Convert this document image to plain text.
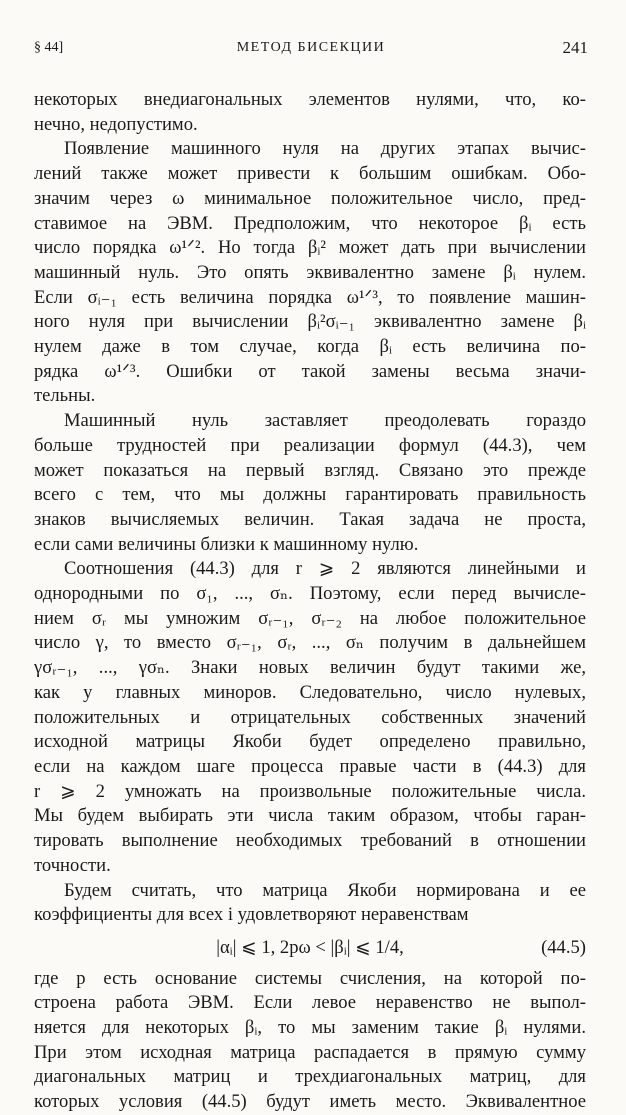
§ 44]	МЕТОД БИСЕКЦИИ	241

некоторых внедиагональных элементов нулями, что, ко-

нечно, недопустимо.

Появление машинного нуля на других этапах вычис-

лений также может привести к большим ошибкам. Обо-

значим через ω минимальное положительное число, пред-

ставимое на ЭВМ. Предположим, что некоторое βᵢ есть

число порядка ω¹ᐟ². Но тогда βᵢ² может дать при вычислении

машинный нуль. Это опять эквивалентно замене βᵢ нулем.

Если σᵢ₋₁ есть величина порядка ω¹ᐟ³, то появление машин-

ного нуля при вычислении βᵢ²σᵢ₋₁ эквивалентно замене βᵢ

нулем даже в том случае, когда βᵢ есть величина по-

рядка ω¹ᐟ³. Ошибки от такой замены весьма значи-

тельны.

Машинный нуль заставляет преодолевать гораздо

больше трудностей при реализации формул (44.3), чем

может показаться на первый взгляд. Связано это прежде

всего с тем, что мы должны гарантировать правильность

знаков вычисляемых величин. Такая задача не проста,

если сами величины близки к машинному нулю.

Соотношения (44.3) для r ⩾ 2 являются линейными и

однородными по σ₁, ..., σₙ. Поэтому, если перед вычисле-

нием σᵣ мы умножим σᵣ₋₁, σᵣ₋₂ на любое положительное

число γ, то вместо σᵣ₋₁, σᵣ, ..., σₙ получим в дальнейшем

γσᵣ₋₁, ..., γσₙ. Знаки новых величин будут такими же,

как у главных миноров. Следовательно, число нулевых,

положительных и отрицательных собственных значений

исходной матрицы Якоби будет определено правильно,

если на каждом шаге процесса правые части в (44.3) для

r ⩾ 2 умножать на произвольные положительные числа.

Мы будем выбирать эти числа таким образом, чтобы гаран-

тировать выполнение необходимых требований в отношении

точности.

Будем считать, что матрица Якоби нормирована и ее

коэффициенты для всех i удовлетворяют неравенствам

|αᵢ| ⩽ 1, 2pω < |βᵢ| ⩽ 1/4,	(44.5)

где p есть основание системы счисления, на которой по-

строена работа ЭВМ. Если левое неравенство не выпол-

няется для некоторых βᵢ, то мы заменим такие βᵢ нулями.

При этом исходная матрица распадается в прямую сумму

диагональных матриц и трехдиагональных матриц, для

которых условия (44.5) будут иметь место. Эквивалентное
